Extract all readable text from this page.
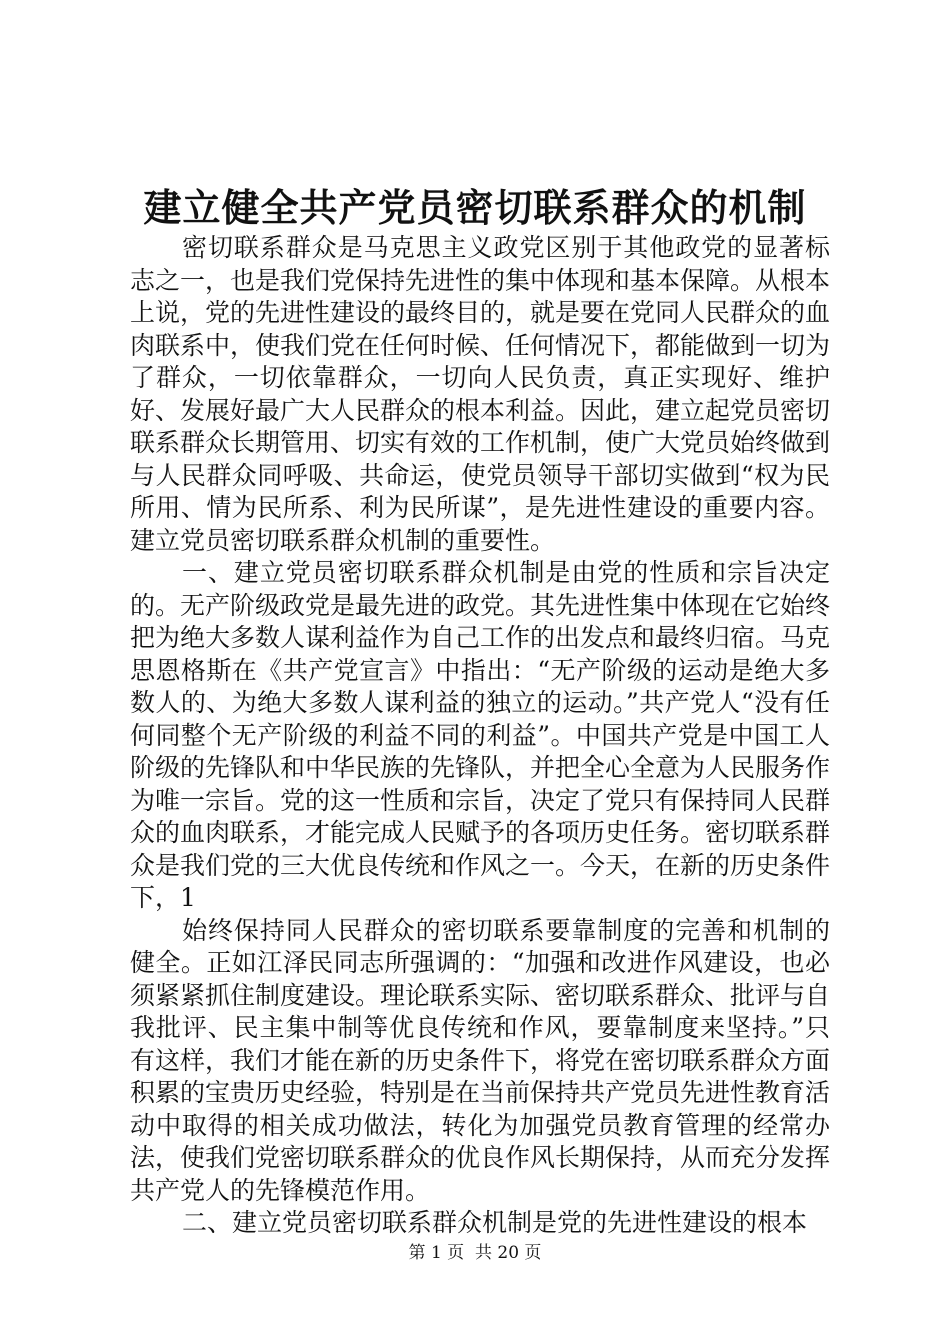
建立健全共产党员密切联系群众的机制

密切联系群众是马克思主义政党区别于其他政党的显著标志之一，也是我们党保持先进性的集中体现和基本保障。从根本上说，党的先进性建设的最终目的，就是要在党同人民群众的血肉联系中，使我们党在任何时候、任何情况下，都能做到一切为了群众，一切依靠群众，一切向人民负责，真正实现好、维护好、发展好最广大人民群众的根本利益。因此，建立起党员密切联系群众长期管用、切实有效的工作机制，使广大党员始终做到与人民群众同呼吸、共命运，使党员领导干部切实做到“权为民所用、情为民所系、利为民所谋”，是先进性建设的重要内容。建立党员密切联系群众机制的重要性。

一、建立党员密切联系群众机制是由党的性质和宗旨决定的。无产阶级政党是最先进的政党。其先进性集中体现在它始终把为绝大多数人谋利益作为自己工作的出发点和最终归宿。马克思恩格斯在《共产党宣言》中指出：“无产阶级的运动是绝大多数人的、为绝大多数人谋利益的独立的运动。”共产党人“没有任何同整个无产阶级的利益不同的利益”。中国共产党是中国工人阶级的先锋队和中华民族的先锋队，并把全心全意为人民服务作为唯一宗旨。党的这一性质和宗旨，决定了党只有保持同人民群众的血肉联系，才能完成人民赋予的各项历史任务。密切联系群众是我们党的三大优良传统和作风之一。今天，在新的历史条件下，1

始终保持同人民群众的密切联系要靠制度的完善和机制的健全。正如江泽民同志所强调的：“加强和改进作风建设，也必须紧紧抓住制度建设。理论联系实际、密切联系群众、批评与自我批评、民主集中制等优良传统和作风，要靠制度来坚持。”只有这样，我们才能在新的历史条件下，将党在密切联系群众方面积累的宝贵历史经验，特别是在当前保持共产党员先进性教育活动中取得的相关成功做法，转化为加强党员教育管理的经常办法，使我们党密切联系群众的优良作风长期保持，从而充分发挥共产党人的先锋模范作用。

二、建立党员密切联系群众机制是党的先进性建设的根本

第 1 页 共 20 页
